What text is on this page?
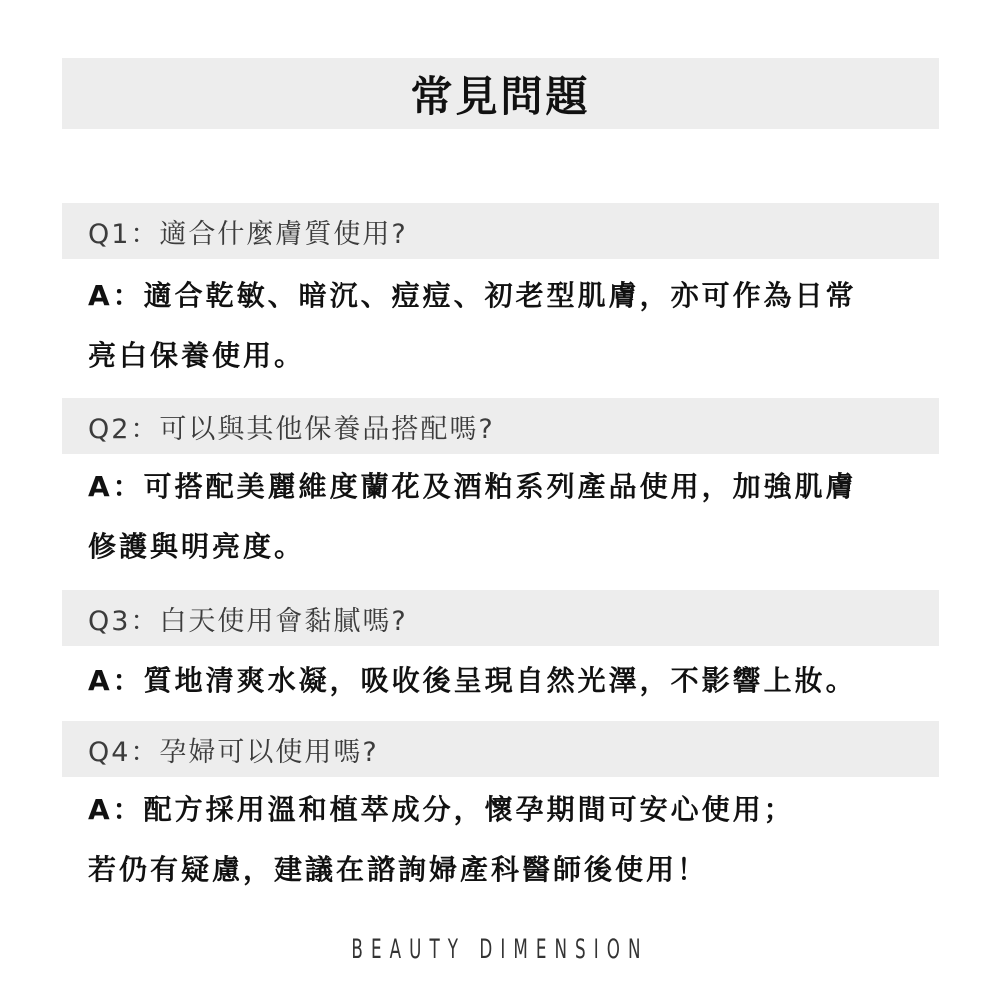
常見問題
Q1：適合什麼膚質使用?
A：適合乾敏、暗沉、痘痘、初老型肌膚，亦可作為日常
亮白保養使用。
Q2：可以與其他保養品搭配嗎?
A：可搭配美麗維度蘭花及酒粕系列產品使用，加強肌膚
修護與明亮度。
Q3：白天使用會黏膩嗎?
A：質地清爽水凝，吸收後呈現自然光澤，不影響上妝。
Q4：孕婦可以使用嗎?
A：配方採用溫和植萃成分，懷孕期間可安心使用；
若仍有疑慮，建議在諮詢婦產科醫師後使用！
BEAUTY DIMENSION
